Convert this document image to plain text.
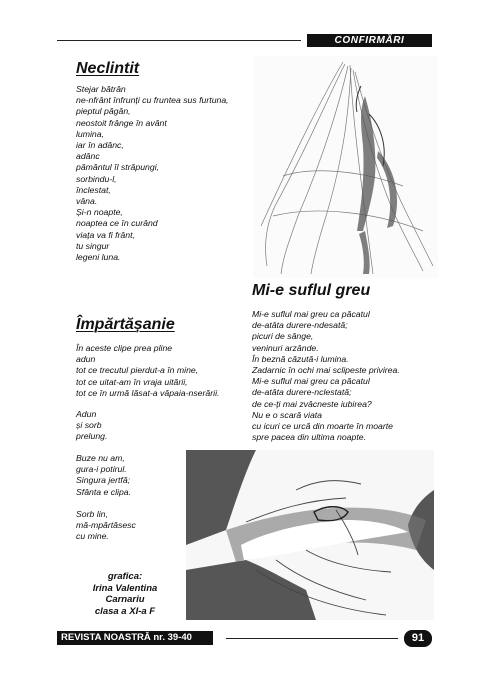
CONFIRMĂRI
Neclintit
Stejar bătrân
ne-nfrânt înfrunți cu fruntea sus furtuna,
pieptul păgân,
neostoit frânge în avânt
lumina,
iar în adânc,
adânc
pământul îl străpungi,
sorbindu-l,
înclestat,
vâna.
Și-n noapte,
noaptea ce în curând
viața va fi frânt,
tu singur
legeni luna.
Mi-e suflul greu
Mi-e suflul mai greu ca păcatul
de-atâta durere-ndesată;
picuri de sânge,
veninuri arzânde.
În beznă căzută-i lumina.
Zadarnic în ochi mai sclipeste privirea.
Mi-e suflul mai greu ca păcatul
de-atâta durere-nclestată;
de ce-ți mai zvâcneste iubirea?
Nu e o scară viata
cu icuri ce urcă din moarte în moarte
spre pacea din ultima noapte.
Împărtășanie
În aceste clipe prea pline
adun
tot ce trecutul pierdut-a în mine,
tot ce uitat-am în vraja uitării,
tot ce în urmă lăsat-a văpaia-nserării.
Adun
și sorb
prelung.
Buze nu am,
gura-i potirul.
Singura jertfă;
Sfânta e clipa.
Sorb lin,
mă-mpărtăsesc
cu mine.
grafica:
Irina Valentina
Carnariu
clasa a XI-a F
REVISTA NOASTRĂ nr. 39-40	91
